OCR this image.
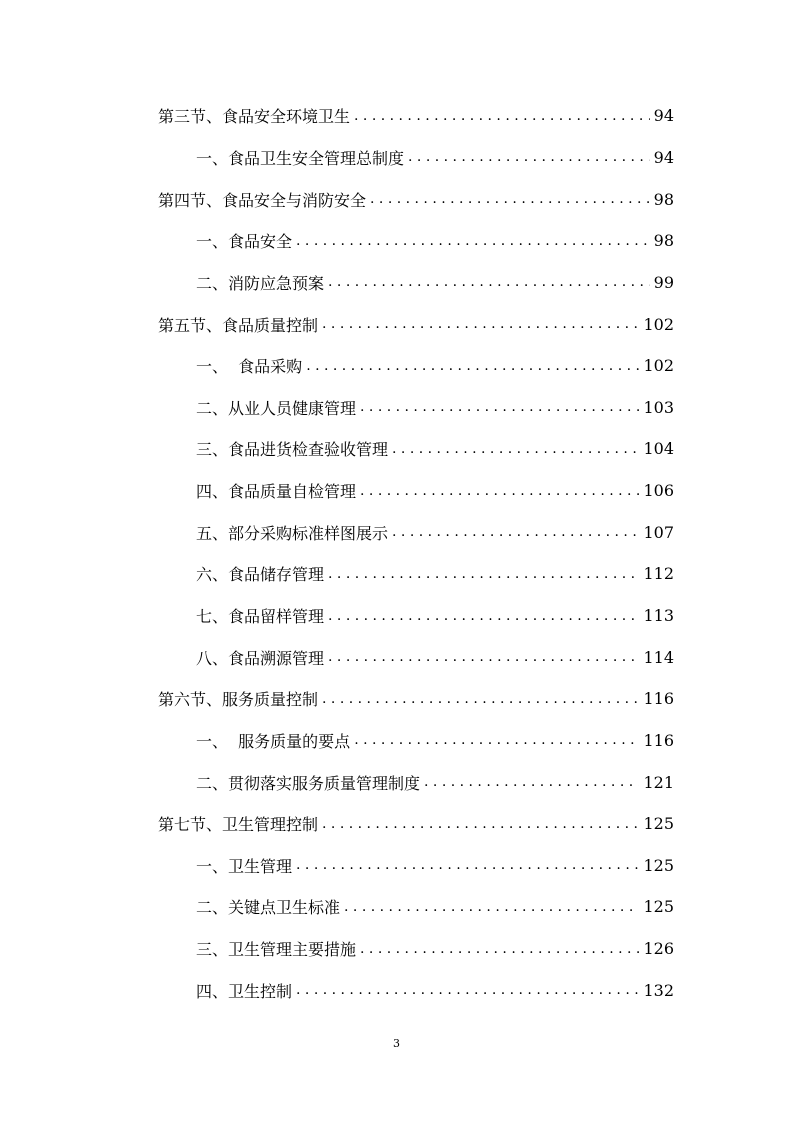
第三节、食品安全环境卫生 . . .	94
一、食品卫生安全管理总制度 . . .	94
第四节、食品安全与消防安全 . . .	98
一、食品安全 . . .	98
二、消防应急预案 . . .	99
第五节、食品质量控制 . . .	102
一、  食品采购 . . .	102
二、从业人员健康管理 . . .	103
三、食品进货检查验收管理 . . .	104
四、食品质量自检管理 . . .	106
五、部分采购标准样图展示 . . .	107
六、食品储存管理 . . .	112
七、食品留样管理 . . .	113
八、食品溯源管理 . . .	114
第六节、服务质量控制 . . .	116
一、  服务质量的要点 . . .	116
二、贯彻落实服务质量管理制度 . . .	121
第七节、卫生管理控制 . . .	125
一、卫生管理 . . .	125
二、关键点卫生标准 . . .	125
三、卫生管理主要措施 . . .	126
四、卫生控制 . . .	132
3
